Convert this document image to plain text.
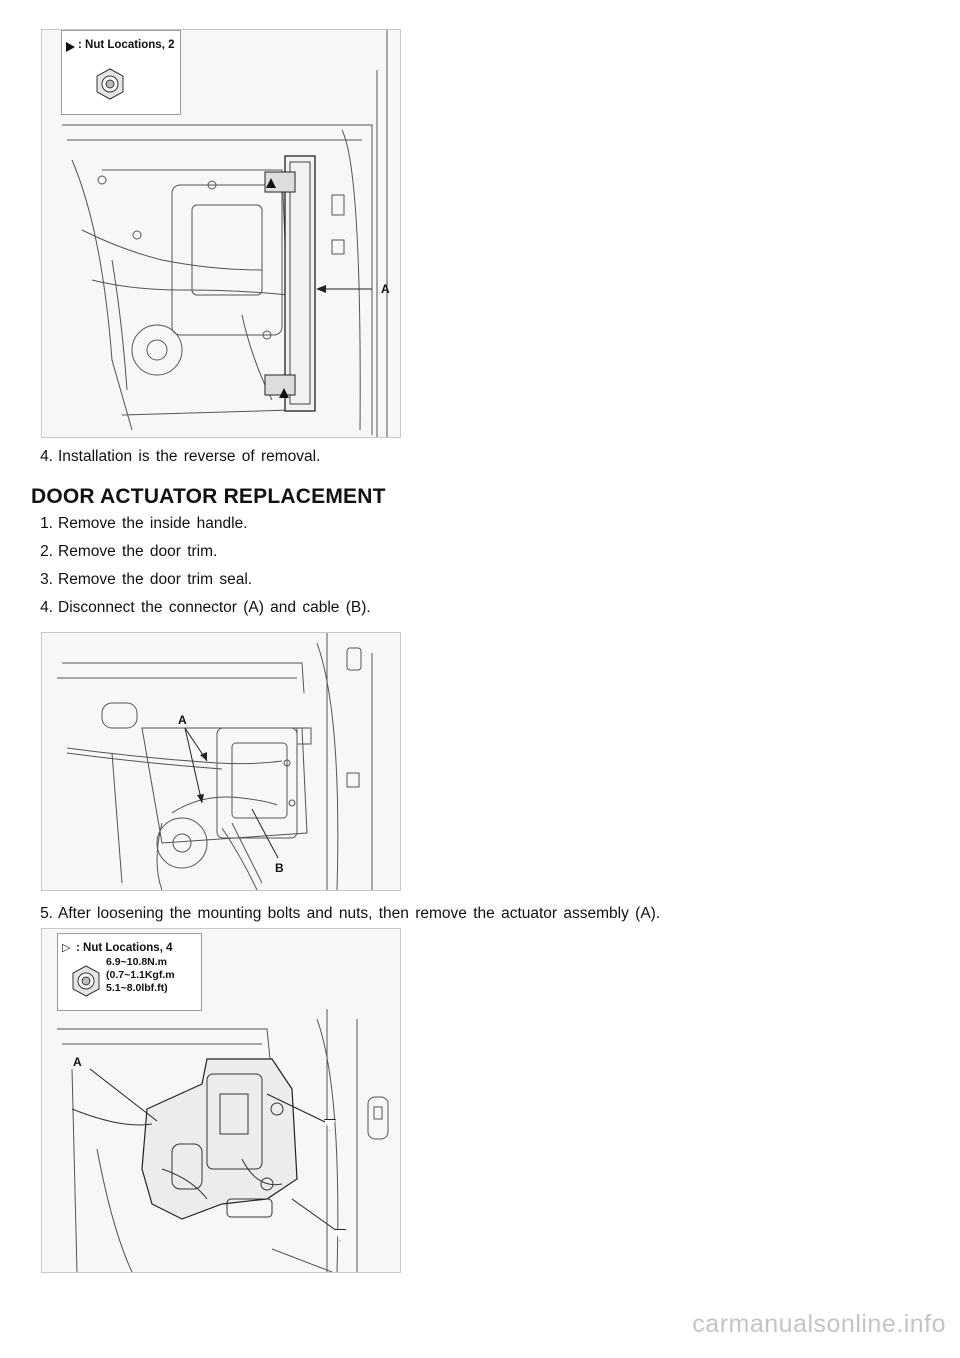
A
: Nut Locations, 2
4. Installation is the reverse of removal.
DOOR ACTUATOR REPLACEMENT
1. Remove the inside handle.
2. Remove the door trim.
3. Remove the door trim seal.
4. Disconnect the connector (A) and cable (B).
A
B
5. After loosening the mounting bolts and nuts, then remove the actuator assembly (A).
A
▷ : Nut Locations, 4
6.9~10.8N.m
(0.7~1.1Kgf.m
5.1~8.0lbf.ft)
carmanualsonline.info
